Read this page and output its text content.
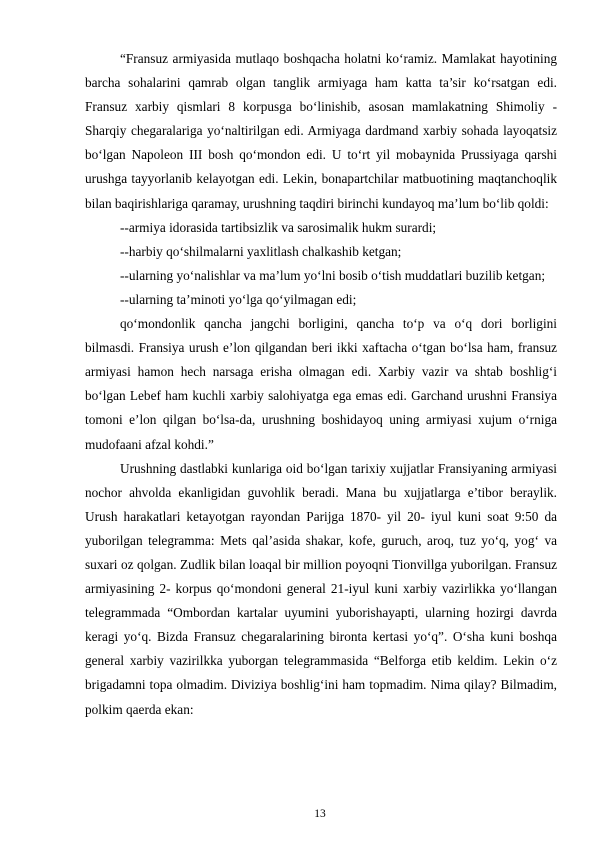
“Fransuz armiyasida mutlaqo boshqacha holatni ko‘ramiz. Mamlakat hayotining barcha sohalarini qamrab olgan tanglik armiyaga ham katta ta’sir ko‘rsatgan edi. Fransuz xarbiy qismlari 8 korpusga bo‘linishib, asosan mamlakatning Shimoliy - Sharqiy chegaralariga yo‘naltirilgan edi. Armiyaga dardmand xarbiy sohada layoqatsiz bo‘lgan Napoleon III bosh qo‘mondon edi. U to‘rt yil mobaynida Prussiyaga qarshi urushga tayyorlanib kelayotgan edi. Lekin, bonapartchilar matbuotining maqtanchoqlik bilan baqirishlariga qaramay, urushning taqdiri birinchi kundayoq ma’lum bo‘lib qoldi:

--armiya idorasida tartibsizlik va sarosimalik hukm surardi;

--harbiy qo‘shilmalarni yaxlitlash chalkashib ketgan;

--ularning yo‘nalishlar va ma’lum yo‘lni bosib o‘tish muddatlari buzilib ketgan;

--ularning ta’minoti yo‘lga qo‘yilmagan edi;

qo‘mondonlik qancha jangchi borligini, qancha to‘p va o‘q dori borligini bilmasdi. Fransiya urush e’lon qilgandan beri ikki xaftacha o‘tgan bo‘lsa ham, fransuz armiyasi hamon hech narsaga erisha olmagan edi. Xarbiy vazir va shtab boshlig‘i bo‘lgan Lebef ham kuchli xarbiy salohiyatga ega emas edi. Garchand urushni Fransiya tomoni e’lon qilgan bo‘lsa-da, urushning boshidayoq uning armiyasi xujum o‘rniga mudofaani afzal kohdi.”

Urushning dastlabki kunlariga oid bo‘lgan tarixiy xujjatlar Fransiyaning armiyasi nochor ahvolda ekanligidan guvohlik beradi. Mana bu xujjatlarga e’tibor beraylik. Urush harakatlari ketayotgan rayondan Parijga 1870- yil 20- iyul kuni soat 9:50 da yuborilgan telegramma: Mets qal’asida shakar, kofe, guruch, aroq, tuz yo‘q, yog‘ va suxari oz qolgan. Zudlik bilan loaqal bir million poyoqni Tionvillga yuborilgan. Fransuz armiyasining 2- korpus qo‘mondoni general 21-iyul kuni xarbiy vazirlikka yo‘llangan telegrammada “Ombordan kartalar uyumini yuborishayapti, ularning hozirgi davrda keragi yo‘q. Bizda Fransuz chegaralarining bironta kertasi yo‘q”. O‘sha kuni boshqa general xarbiy vazirilkka yuborgan telegrammasida “Belforga etib keldim. Lekin o‘z brigadamni topa olmadim. Diviziya boshlig‘ini ham topmadim. Nima qilay? Bilmadim, polkim qaerda ekan:

13
